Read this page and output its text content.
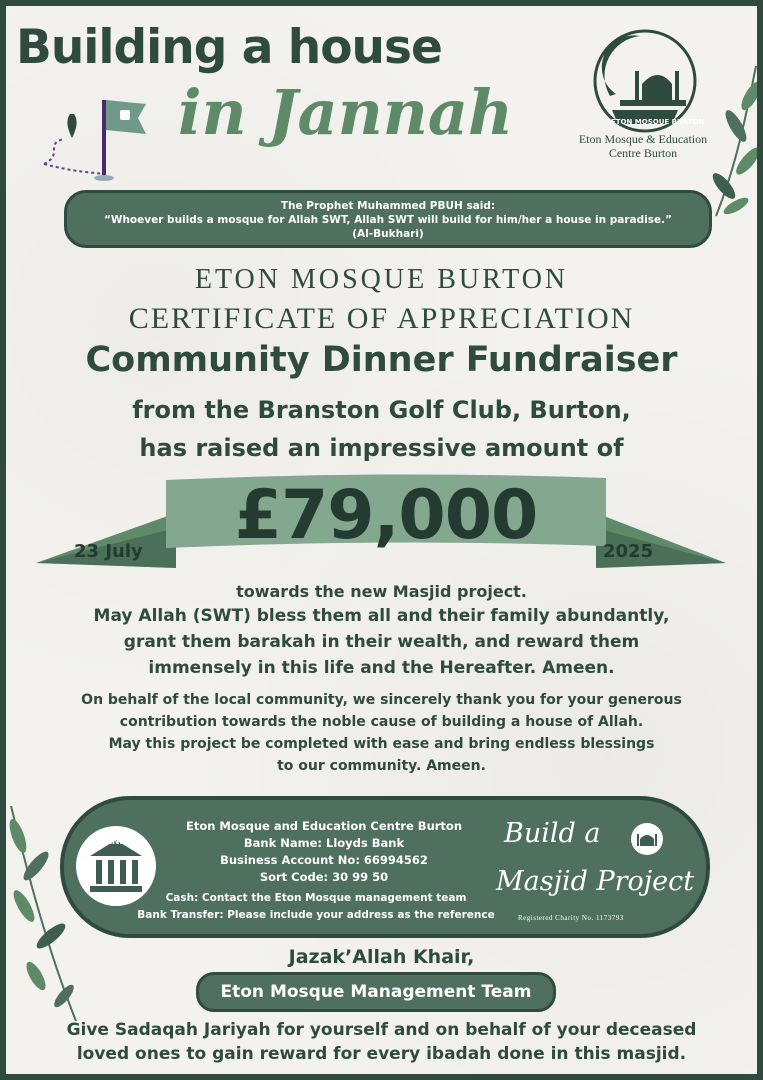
Building a house
in Jannah	ETON MOSQUE BURTON
Eton Mosque & Education Centre Burton
The Prophet Muhammed PBUH said:
“Whoever builds a mosque for Allah SWT, Allah SWT will build for him/her a house in paradise.”
(Al-Bukhari)
ETON MOSQUE BURTON
CERTIFICATE OF APPRECIATION
Community Dinner Fundraiser
from the Branston Golf Club, Burton,
has raised an impressive amount of
£79,000
23 July	2025
towards the new Masjid project.
May Allah (SWT) bless them all and their family abundantly,
grant them barakah in their wealth, and reward them
immensely in this life and the Hereafter. Ameen.
On behalf of the local community, we sincerely thank you for your generous
contribution towards the noble cause of building a house of Allah.
May this project be completed with ease and bring endless blessings
to our community. Ameen.
BANK
Eton Mosque and Education Centre Burton
Bank Name: Lloyds Bank
Business Account No: 66994562
Sort Code: 30 99 50
Cash: Contact the Eton Mosque management team
Bank Transfer: Please include your address as the reference
Build a
Masjid Project
Registered Charity No. 1173793
Jazak’Allah Khair,
Eton Mosque Management Team
Give Sadaqah Jariyah for yourself and on behalf of your deceased
loved ones to gain reward for every ibadah done in this masjid.
